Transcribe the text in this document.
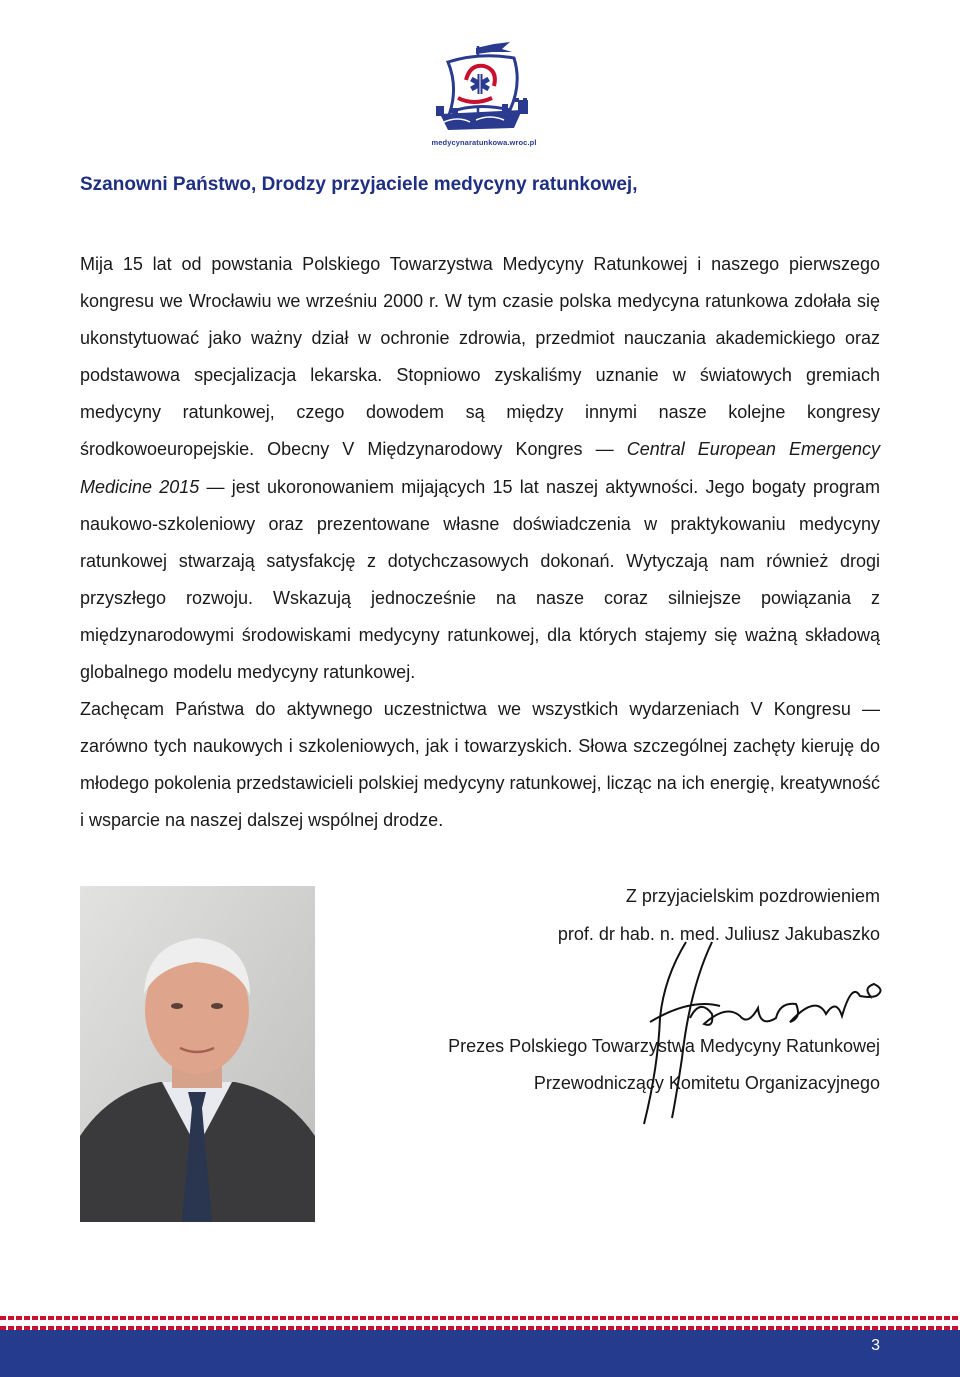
medycynaratunkowa.wroc.pl
Szanowni Państwo, Drodzy przyjaciele medycyny ratunkowej,

Mija 15 lat od powstania Polskiego Towarzystwa Medycyny Ratunkowej i naszego pierwszego kongresu we Wrocławiu we wrześniu 2000 r. W tym czasie polska medycyna ratunkowa zdołała się ukonstytuować jako ważny dział w ochronie zdrowia, przedmiot nauczania akademickiego oraz podstawowa specjalizacja lekarska. Stopniowo zyskaliśmy uznanie w światowych gremiach medycyny ratunkowej, czego dowodem są między innymi nasze kolejne kongresy środkowoeuropejskie. Obecny V Międzynarodowy Kongres — Central European Emergency Medicine 2015 — jest ukoronowaniem mijających 15 lat naszej aktywności. Jego bogaty program naukowo-szkoleniowy oraz prezentowane własne doświadczenia w praktykowaniu medycyny ratunkowej stwarzają satysfakcję z dotychczasowych dokonań. Wytyczają nam również drogi przyszłego rozwoju. Wskazują jednocześnie na nasze coraz silniejsze powiązania z międzynarodowymi środowiskami medycyny ratunkowej, dla których stajemy się ważną składową globalnego modelu medycyny ratunkowej.

Zachęcam Państwa do aktywnego uczestnictwa we wszystkich wydarzeniach V Kongresu — zarówno tych naukowych i szkoleniowych, jak i towarzyskich. Słowa szczególnej zachęty kieruję do młodego pokolenia przedstawicieli polskiej medycyny ratunkowej, licząc na ich energię, kreatywność i wsparcie na naszej dalszej wspólnej drodze.

Z przyjacielskim pozdrowieniem
prof. dr hab. n. med. Juliusz Jakubaszko
Jakubaszko
Prezes Polskiego Towarzystwa Medycyny Ratunkowej
Przewodniczący Komitetu Organizacyjnego
3
